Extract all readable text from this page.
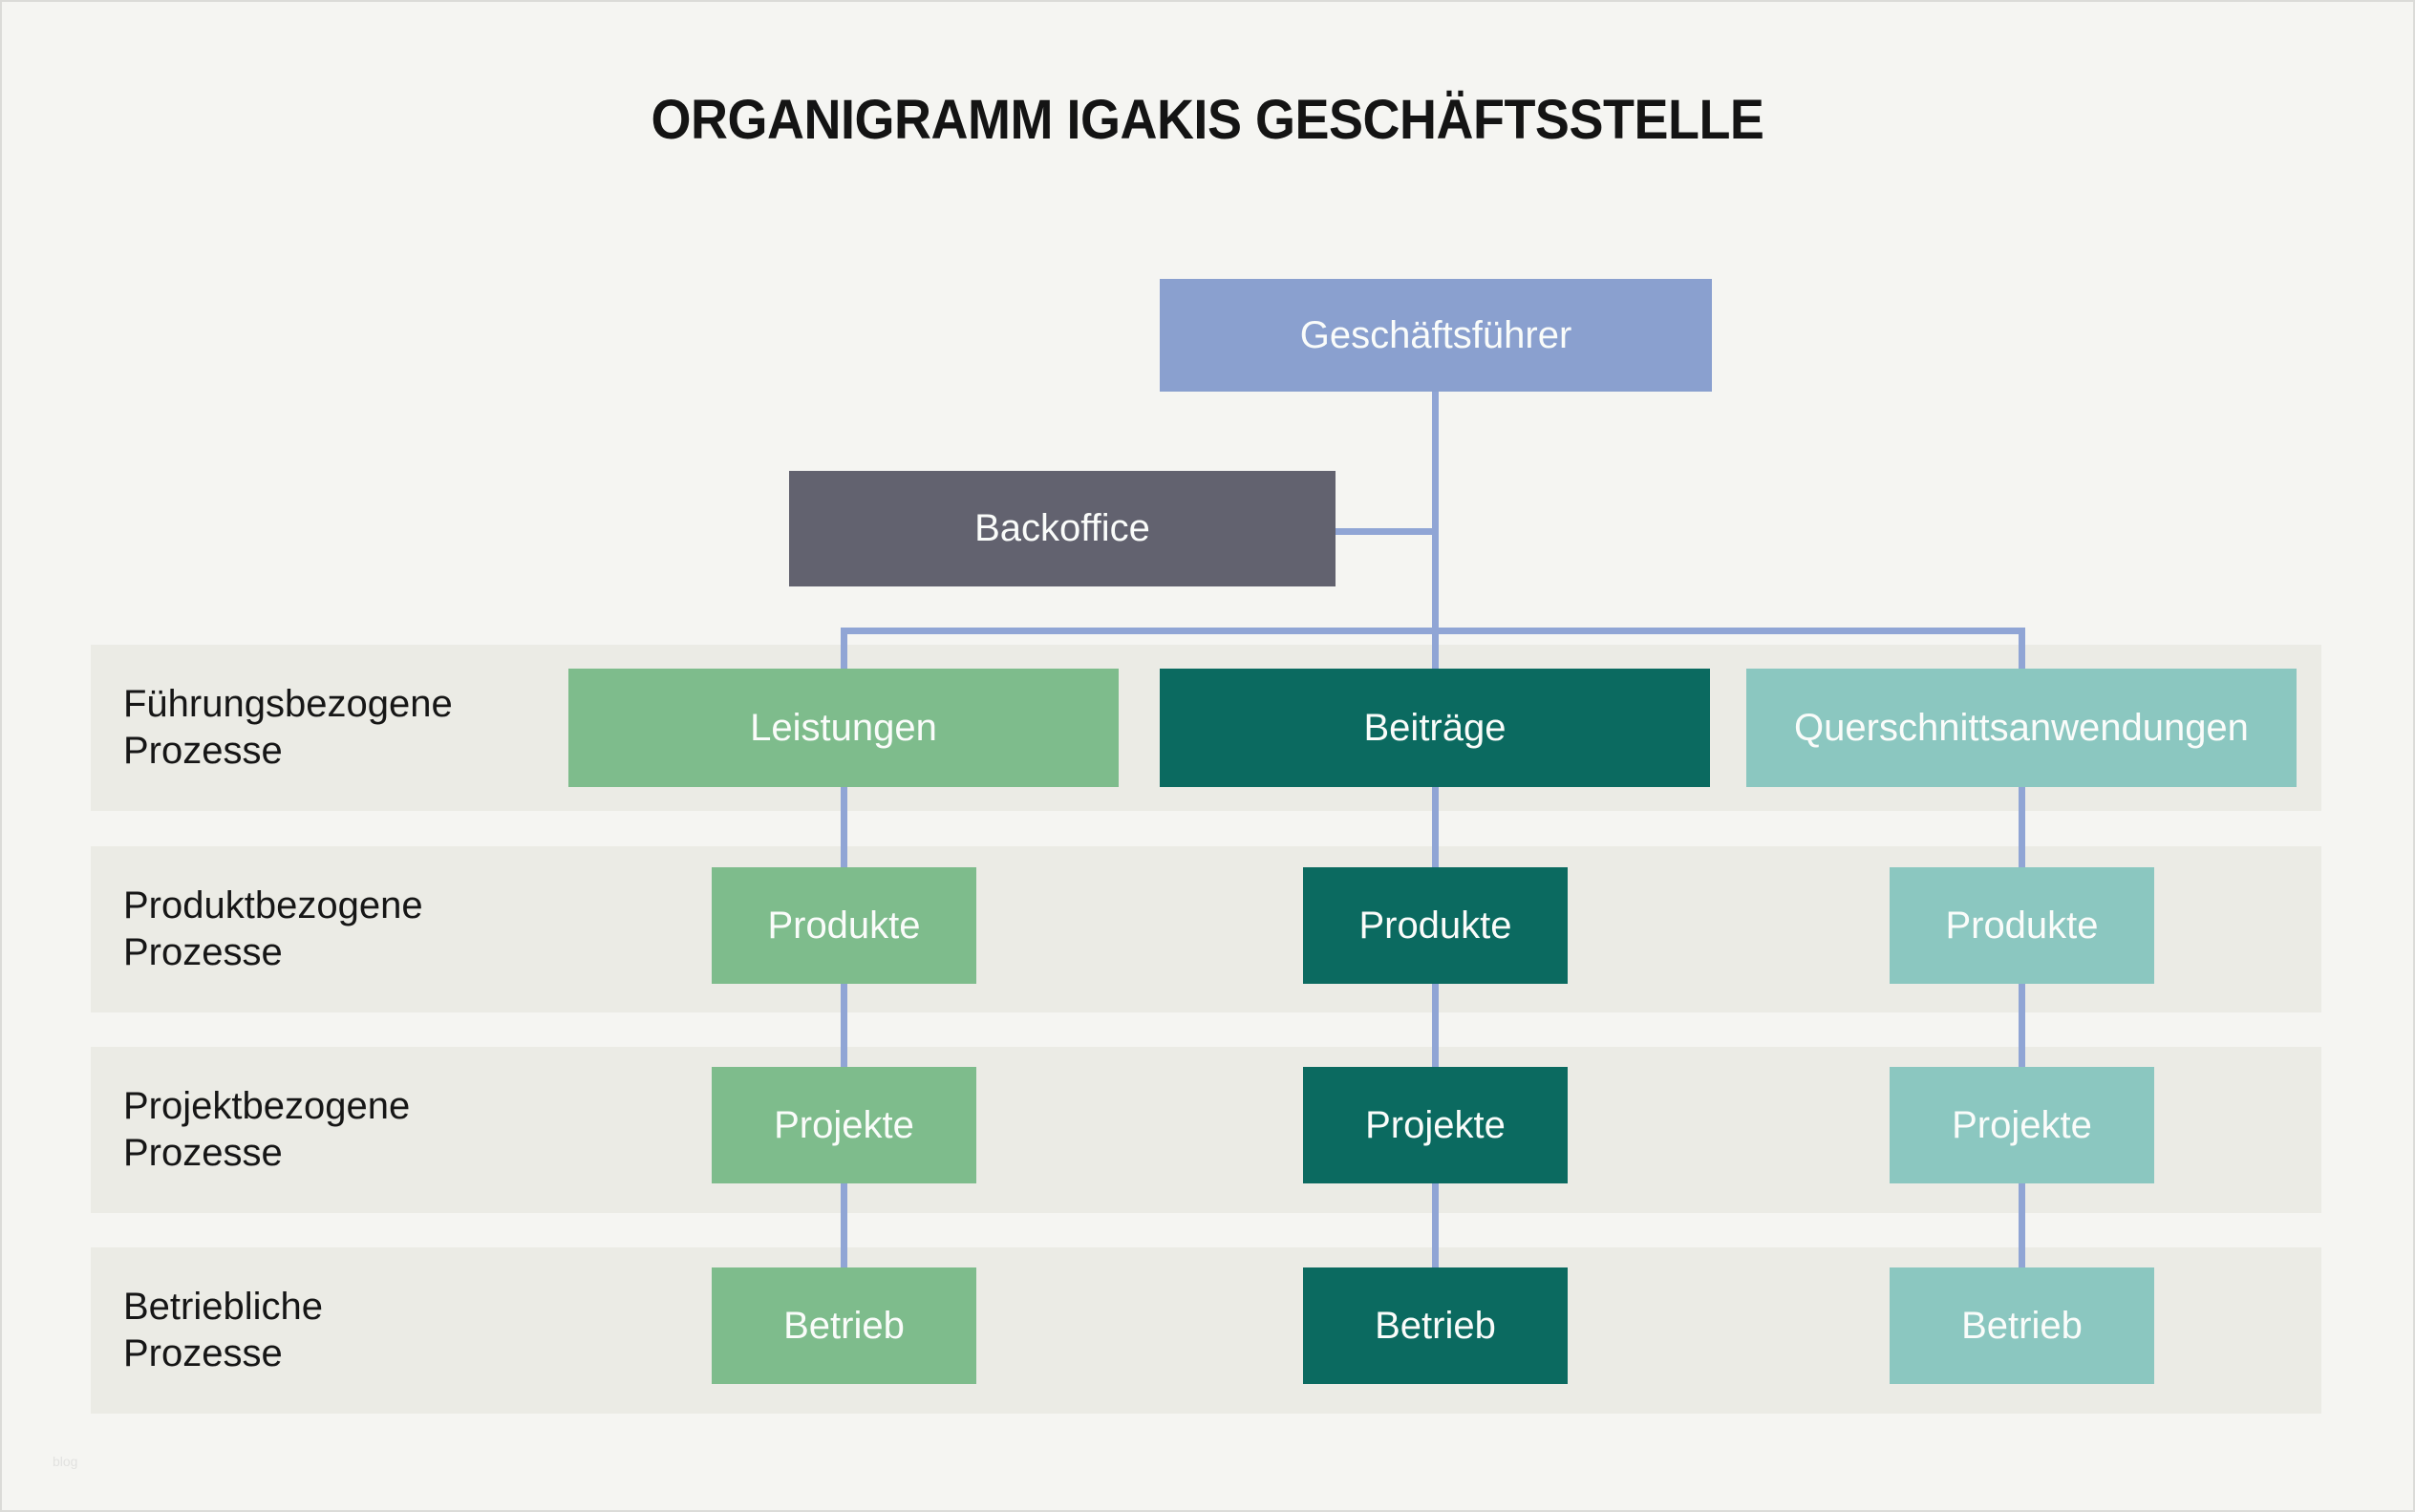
ORGANIGRAMM IGAKIS GESCHÄFTSSTELLE
Führungsbezogene
Prozesse
Produktbezogene
Prozesse
Projektbezogene
Prozesse
Betriebliche
Prozesse
Geschäftsführer
Backoffice
Leistungen	Beiträge	Querschnittsanwendungen
Produkte	Produkte	Produkte
Projekte	Projekte	Projekte
Betrieb	Betrieb	Betrieb
blog
